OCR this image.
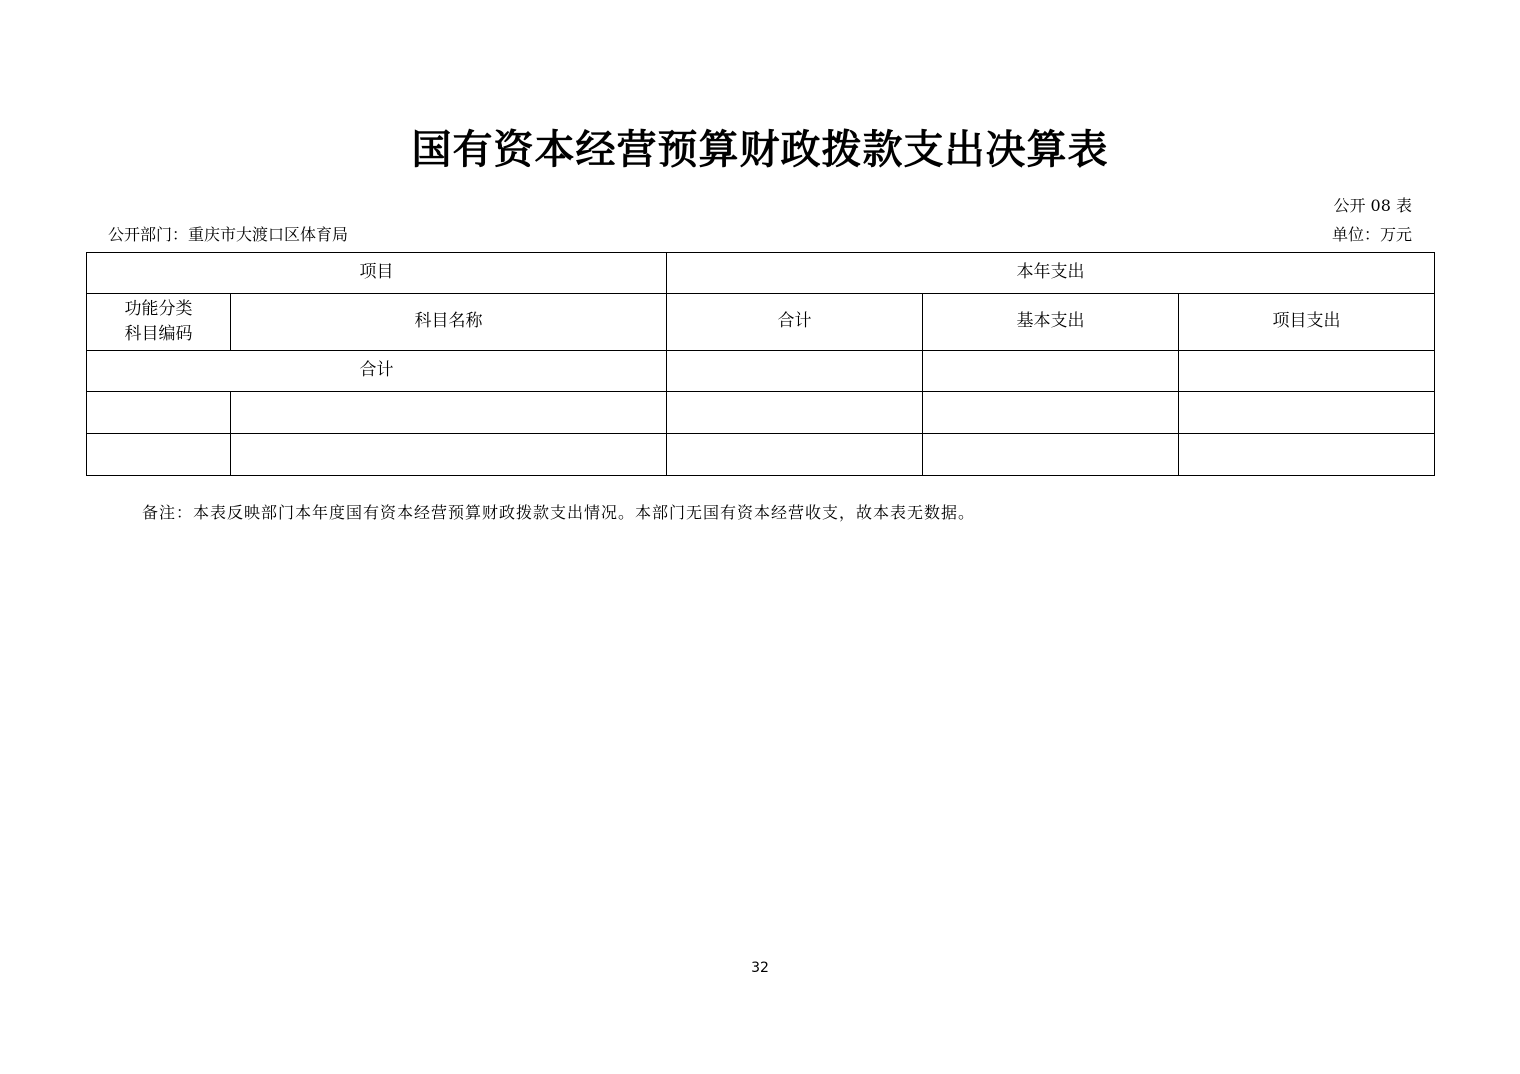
国有资本经营预算财政拨款支出决算表
公开 08 表
公开部门：重庆市大渡口区体育局	单位：万元
项目		本年支出		

功能分类
科目编码	科目名称	合计	基本支出	项目支出
合计				

备注：本表反映部门本年度国有资本经营预算财政拨款支出情况。本部门无国有资本经营收支，故本表无数据。
32
